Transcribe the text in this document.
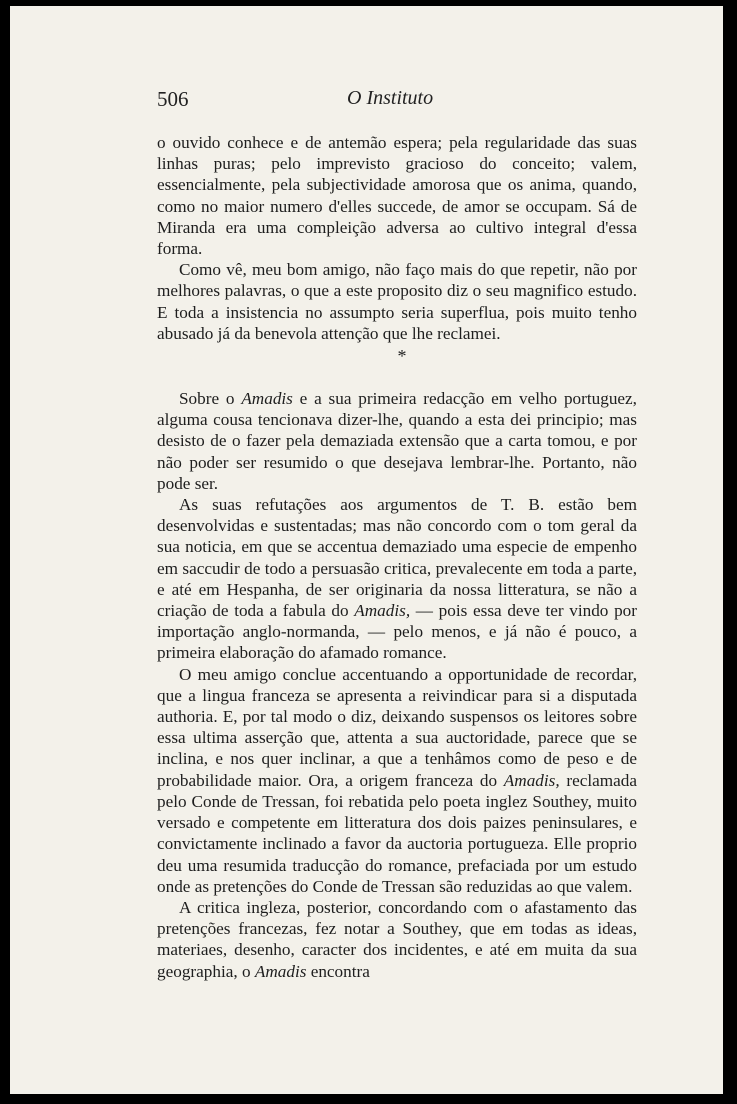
506	O Instituto

o ouvido conhece e de antemão espera; pela regularidade das suas linhas puras; pelo imprevisto gracioso do conceito; valem, essencialmente, pela subjectividade amorosa que os anima, quando, como no maior numero d'elles succede, de amor se occupam. Sá de Miranda era uma compleição adversa ao cultivo integral d'essa forma.

Como vê, meu bom amigo, não faço mais do que repetir, não por melhores palavras, o que a este proposito diz o seu magnifico estudo. E toda a insistencia no assumpto seria superflua, pois muito tenho abusado já da benevola attenção que lhe reclamei.

*

Sobre o Amadis e a sua primeira redacção em velho portuguez, alguma cousa tencionava dizer-lhe, quando a esta dei principio; mas desisto de o fazer pela demaziada extensão que a carta tomou, e por não poder ser resumido o que desejava lembrar-lhe. Portanto, não pode ser.

As suas refutações aos argumentos de T. B. estão bem desenvolvidas e sustentadas; mas não concordo com o tom geral da sua noticia, em que se accentua demaziado uma especie de empenho em saccudir de todo a persuasão critica, prevalecente em toda a parte, e até em Hespanha, de ser originaria da nossa litteratura, se não a criação de toda a fabula do Amadis, — pois essa deve ter vindo por importação anglo-normanda, — pelo menos, e já não é pouco, a primeira elaboração do afamado romance.

O meu amigo conclue accentuando a opportunidade de recordar, que a lingua franceza se apresenta a reivindicar para si a disputada authoria. E, por tal modo o diz, deixando suspensos os leitores sobre essa ultima asserção que, attenta a sua auctoridade, parece que se inclina, e nos quer inclinar, a que a tenhâmos como de peso e de probabilidade maior. Ora, a origem franceza do Amadis, reclamada pelo Conde de Tressan, foi rebatida pelo poeta inglez Southey, muito versado e competente em litteratura dos dois paizes peninsulares, e convictamente inclinado a favor da auctoria portugueza. Elle proprio deu uma resumida traducção do romance, prefaciada por um estudo onde as pretenções do Conde de Tressan são reduzidas ao que valem.

A critica ingleza, posterior, concordando com o afastamento das pretenções francezas, fez notar a Southey, que em todas as ideas, materiaes, desenho, caracter dos incidentes, e até em muita da sua geographia, o Amadis encontra
